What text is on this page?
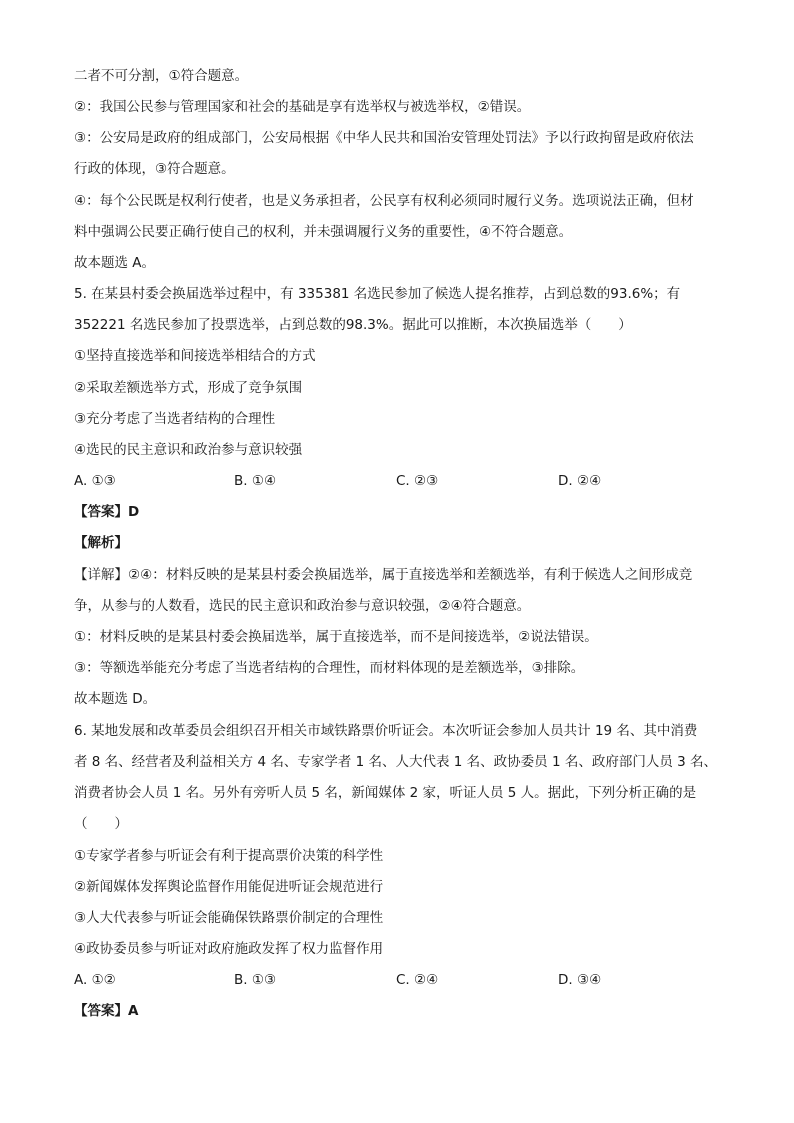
二者不可分割，①符合题意。
②：我国公民参与管理国家和社会的基础是享有选举权与被选举权，②错误。
③：公安局是政府的组成部门，公安局根据《中华人民共和国治安管理处罚法》予以行政拘留是政府依法
行政的体现，③符合题意。
④：每个公民既是权利行使者，也是义务承担者，公民享有权利必须同时履行义务。选项说法正确，但材
料中强调公民要正确行使自己的权利，并未强调履行义务的重要性，④不符合题意。
故本题选 A。
5. 在某县村委会换届选举过程中，有 335381 名选民参加了候选人提名推荐，占到总数的93.6%；有
352221 名选民参加了投票选举，占到总数的98.3%。据此可以推断，本次换届选举（　　）
①坚持直接选举和间接选举相结合的方式
②采取差额选举方式，形成了竞争氛围
③充分考虑了当选者结构的合理性
④选民的民主意识和政治参与意识较强
A. ①③	B. ①④	C. ②③	D. ②④
【答案】D
【解析】
【详解】②④：材料反映的是某县村委会换届选举，属于直接选举和差额选举，有利于候选人之间形成竞
争，从参与的人数看，选民的民主意识和政治参与意识较强，②④符合题意。
①：材料反映的是某县村委会换届选举，属于直接选举，而不是间接选举，②说法错误。
③：等额选举能充分考虑了当选者结构的合理性，而材料体现的是差额选举，③排除。
故本题选 D。
6. 某地发展和改革委员会组织召开相关市域铁路票价听证会。本次听证会参加人员共计 19 名、其中消费
者 8 名、经营者及利益相关方 4 名、专家学者 1 名、人大代表 1 名、政协委员 1 名、政府部门人员 3 名、
消费者协会人员 1 名。另外有旁听人员 5 名，新闻媒体 2 家，听证人员 5 人。据此，下列分析正确的是
（　　）
①专家学者参与听证会有利于提高票价决策的科学性
②新闻媒体发挥舆论监督作用能促进听证会规范进行
③人大代表参与听证会能确保铁路票价制定的合理性
④政协委员参与听证对政府施政发挥了权力监督作用
A. ①②	B. ①③	C. ②④	D. ③④
【答案】A
